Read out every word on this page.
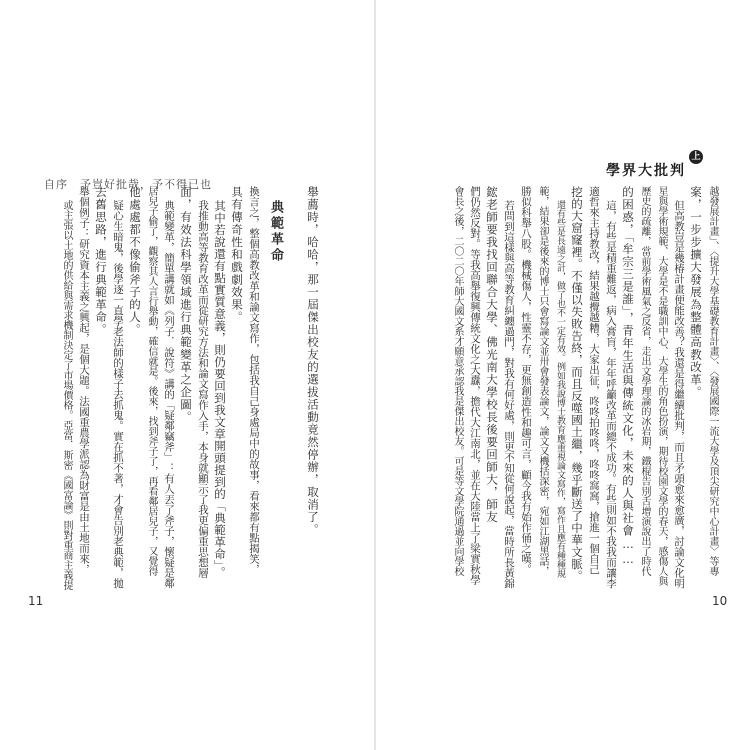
自序　予豈好批哉，予不得已也
舉薦時，哈哈，那一屆傑出校友的選拔活動竟然停辦，取消了。
典範革命
換言之，整個高教改革和論文寫作，包括我自己身處局中的故事，看來都有點揭笑，
具有傳奇性和戲劇效果。
其中若說還有點實質意義，則仍要回到我文章開頭提到的「典範革命」。
我推動高等教育改革而從研究方法和論文寫作入手，本身就顯示了我更偏重思想層
面，有效法科學領域進行典範變革之企圖。
典範變革，簡單講就如《列子．說符》講的「疑鄰竊斧」：有人丟了斧子，懷疑是鄰
居兒子偷了，觀察其人言行舉動，確信就是。後來，找到斧子了，再看鄰居兒子，又覺得
他處處都不像偷斧子的人。
疑心生暗鬼，後學逐一直學老法師的樣子去抓鬼。實在抓不著，才會告別老典範，拋
去舊思路，進行典範革命。
舉個例子：研究資本主義之興起，是個大題。法國重農學派認為財富是由土地而來，
或主張以土地的供給與需求機制決定了市場價格。亞當．斯密《國富論》則對重商主義提
11
學界大批判上冊
越發展計畫」、〈提升大學基礎教育計畫〉、〈發展國際一流大學及頂尖研究中心計畫〉等專
案，一步步擴大發展為整體高教改革。
但高教豈是幾椿計畫便能改善？我還是得繼續批判，而且矛頭愈來愈廣，討論文化明
星與學術規範、大學是不是職訓中心、大學生的角色扮演，期待校園文學的春天，感傷人與
歷史的疏離，當前學術風氣之反省，走出文學理論的冰岩期，鐵棍告別舌增演說出了時代
的困惑，「牟宗三是誰」，青年生活與傳統文化，未來的人與社會……
這，有些是積重難返，病入膏肓，年年呼籲改革而總不成功。有些則如不我我而讓李
適哲來主持教改，結果越攪越糟，大家出征，咚咚拍咚咚，咚咚窩窩，搶進一個自己
挖的大窟窿裡。不僅以失敗告終，而且反噬國土繼，幾乎斷送了中華文脈。
還有些是長遠之計，做了也不一定有效。例如我說博士教育應重視論文寫作，寫作且應有種種規
範，結果卻是後來的博士只會寫論文並卅會發表論文，論文又機括深密，宛如江湖黑話，
勝似科舉八股。機械傷人，性靈不存，更無創造性和趣可言，顧今我有始作俑之嘆。
若問到這樣與高等教育糾纏過門，對我有何好處，則更不知從何說起，當時所長黃錦
鋐老師要我找回聯合大學、佛光南大學校長後要回師大，師友
們仍然反對。等我高舉復興傳統文化之大纛，擔代大江南北，並在大陸當上了梁實秋學
會長之後，二〇二〇年師大國文系才願意承認我是傑出校友。可是等文學院通過並向學校
10
